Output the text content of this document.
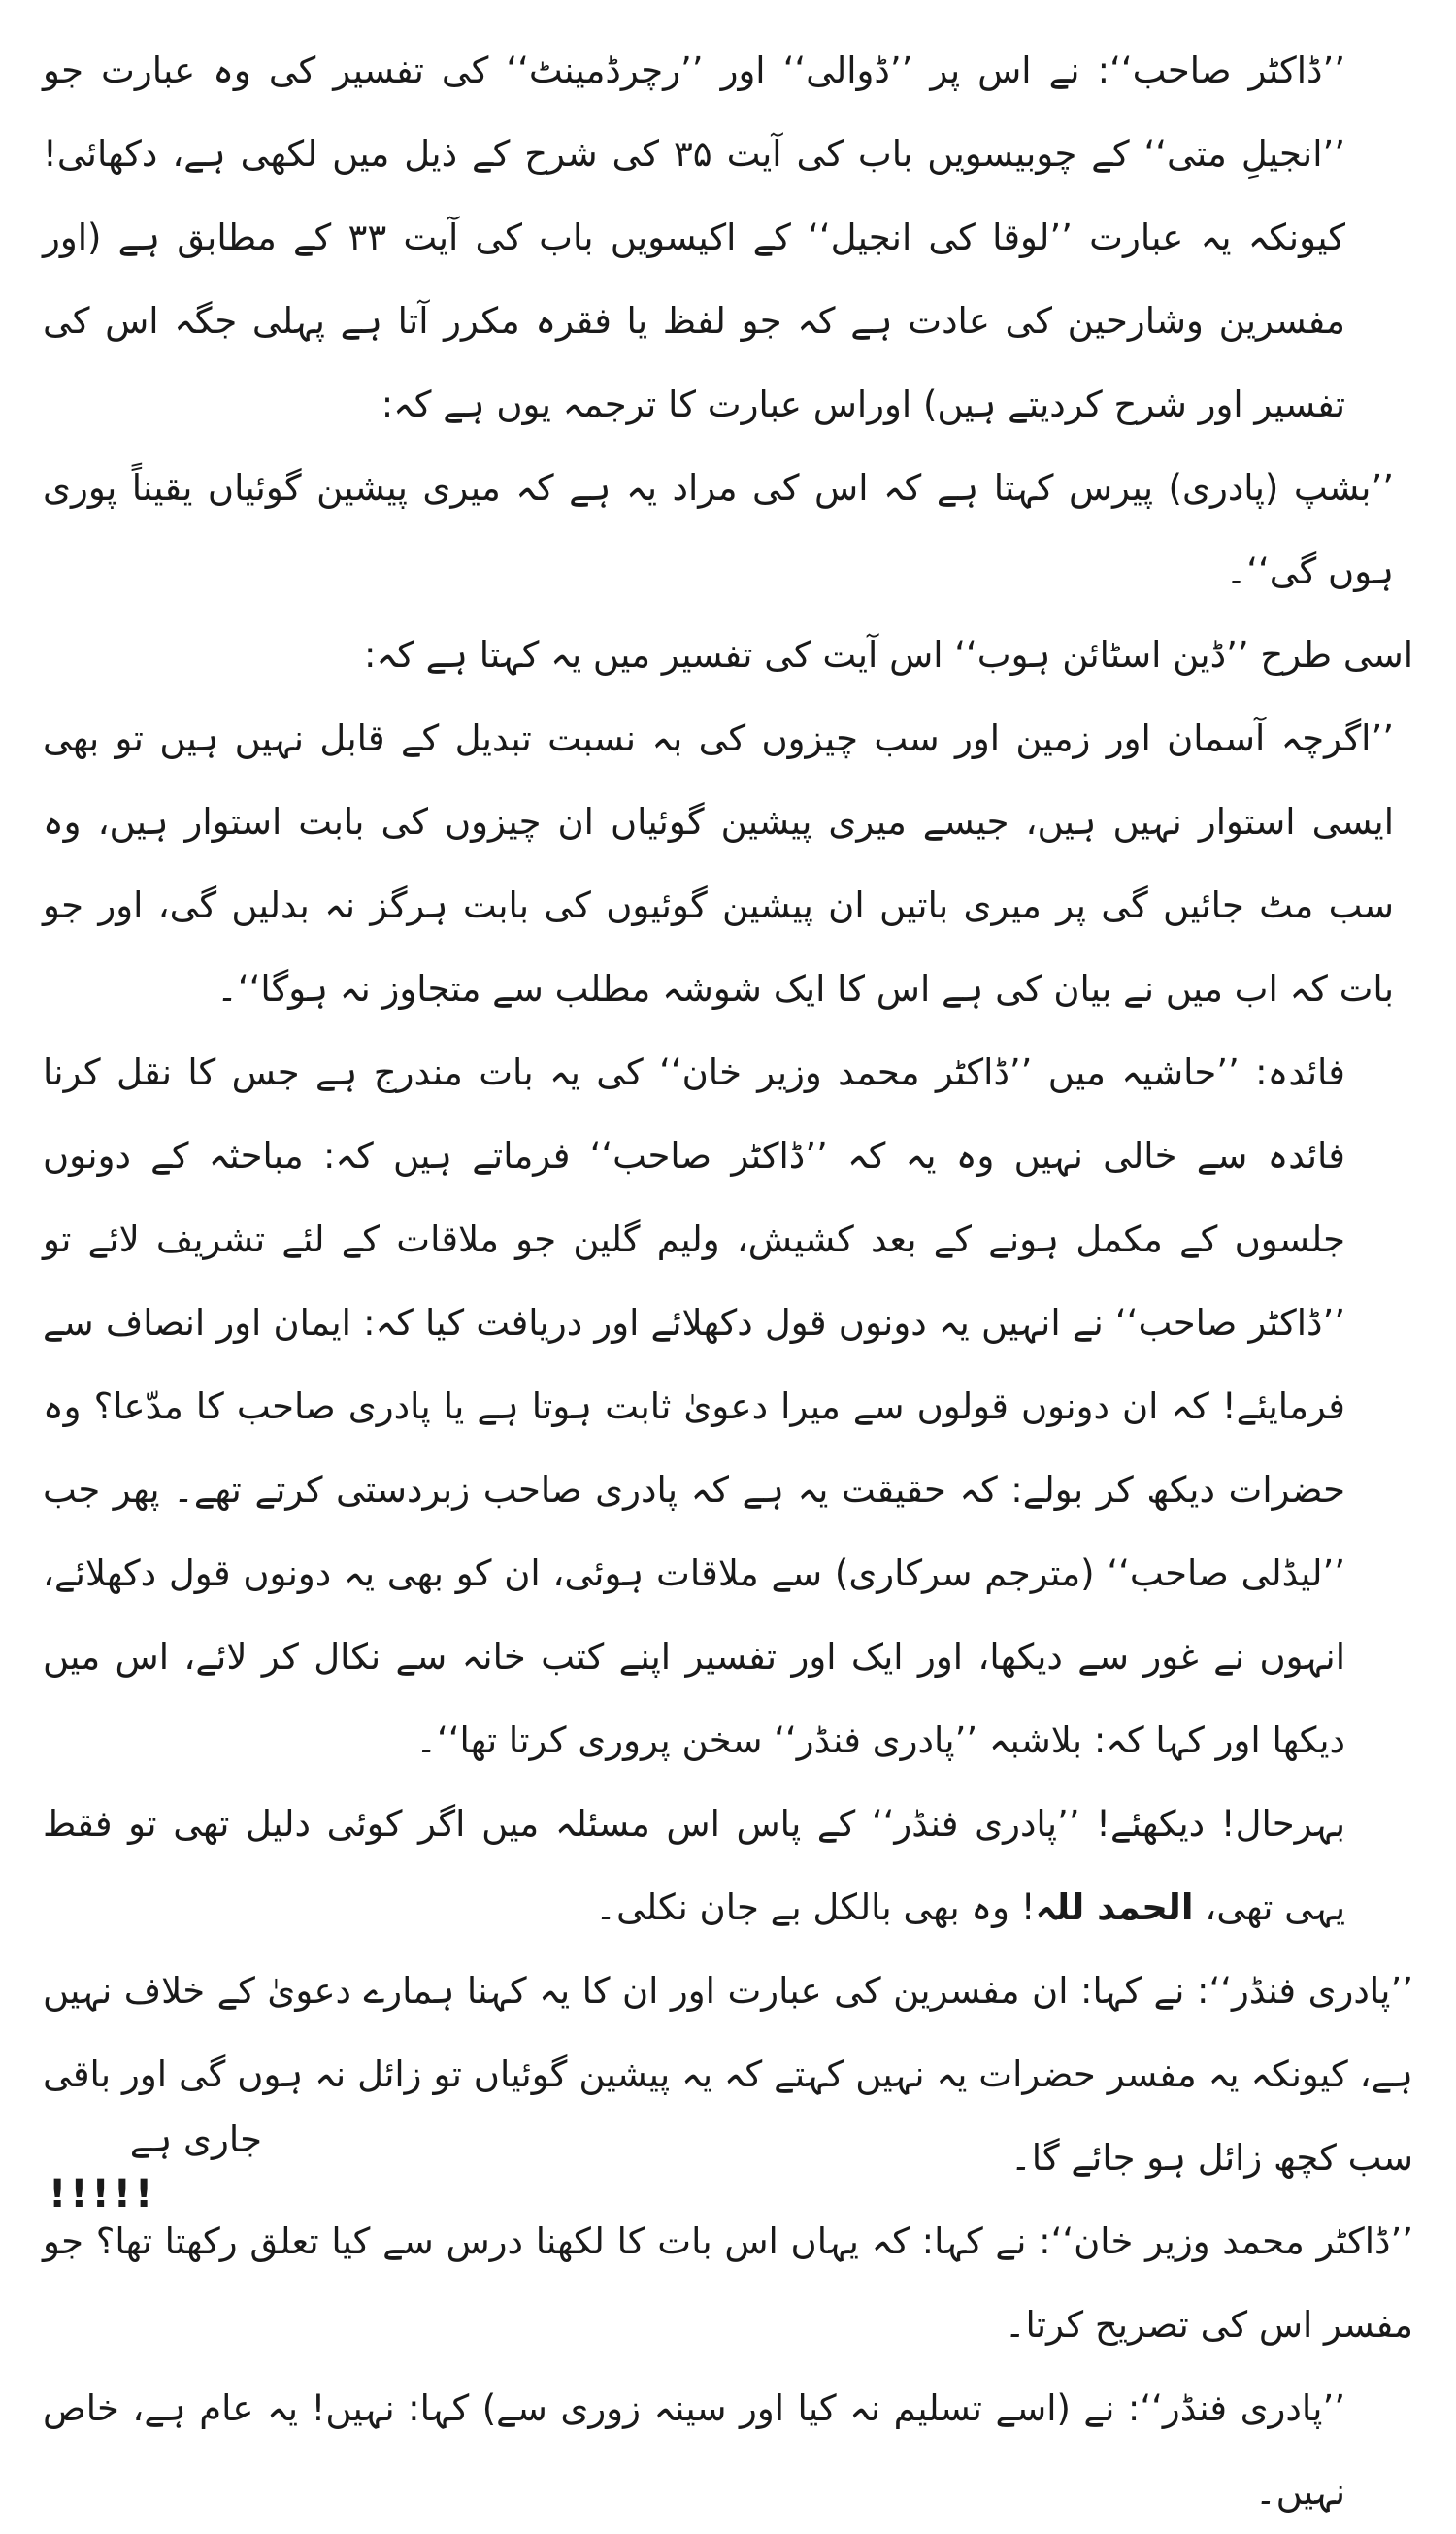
’’ڈاکٹر صاحب‘‘: نے اس پر ’’ڈوالی‘‘ اور ’’رچرڈمینٹ‘‘ کی تفسیر کی وہ عبارت جو ’’انجیلِ متی‘‘ کے چوبیسویں باب کی آیت ۳۵ کی شرح کے ذیل میں لکھی ہے، دکھائی! کیونکہ یہ عبارت ’’لوقا کی انجیل‘‘ کے اکیسویں باب کی آیت ۳۳ کے مطابق ہے (اور مفسرین وشارحین کی عادت ہے کہ جو لفظ یا فقرہ مکرر آتا ہے پہلی جگہ اس کی تفسیر اور شرح کردیتے ہیں) اوراس عبارت کا ترجمہ یوں ہے کہ:

’’بشپ (پادری) پیرس کہتا ہے کہ اس کی مراد یہ ہے کہ میری پیشین گوئیاں یقیناً پوری ہوں گی‘‘۔

اسی طرح ’’ڈین اسٹائن ہوب‘‘ اس آیت کی تفسیر میں یہ کہتا ہے کہ:

’’اگرچہ آسمان اور زمین اور سب چیزوں کی بہ نسبت تبدیل کے قابل نہیں ہیں تو بھی ایسی استوار نہیں ہیں، جیسے میری پیشین گوئیاں ان چیزوں کی بابت استوار ہیں، وہ سب مٹ جائیں گی پر میری باتیں ان پیشین گوئیوں کی بابت ہرگز نہ بدلیں گی، اور جو بات کہ اب میں نے بیان کی ہے اس کا ایک شوشہ مطلب سے متجاوز نہ ہوگا‘‘۔

فائدہ: ’’حاشیہ میں ’’ڈاکٹر محمد وزیر خان‘‘ کی یہ بات مندرج ہے جس کا نقل کرنا فائدہ سے خالی نہیں وہ یہ کہ ’’ڈاکٹر صاحب‘‘ فرماتے ہیں کہ: مباحثہ کے دونوں جلسوں کے مکمل ہونے کے بعد کشیش، ولیم گلین جو ملاقات کے لئے تشریف لائے تو ’’ڈاکٹر صاحب‘‘ نے انہیں یہ دونوں قول دکھلائے اور دریافت کیا کہ: ایمان اور انصاف سے فرمایئے! کہ ان دونوں قولوں سے میرا دعویٰ ثابت ہوتا ہے یا پادری صاحب کا مدّعا؟ وہ حضرات دیکھ کر بولے: کہ حقیقت یہ ہے کہ پادری صاحب زبردستی کرتے تھے۔ پھر جب ’’لیڈلی صاحب‘‘ (مترجم سرکاری) سے ملاقات ہوئی، ان کو بھی یہ دونوں قول دکھلائے، انہوں نے غور سے دیکھا، اور ایک اور تفسیر اپنے کتب خانہ سے نکال کر لائے، اس میں دیکھا اور کہا کہ: بلاشبہ ’’پادری فنڈر‘‘ سخن پروری کرتا تھا‘‘۔

بہرحال! دیکھئے! ’’پادری فنڈر‘‘ کے پاس اس مسئلہ میں اگر کوئی دلیل تھی تو فقط یہی تھی، الحمد للہ! وہ بھی بالکل بے جان نکلی۔

’’پادری فنڈر‘‘: نے کہا: ان مفسرین کی عبارت اور ان کا یہ کہنا ہمارے دعویٰ کے خلاف نہیں ہے، کیونکہ یہ مفسر حضرات یہ نہیں کہتے کہ یہ پیشین گوئیاں تو زائل نہ ہوں گی اور باقی سب کچھ زائل ہو جائے گا۔

’’ڈاکٹر محمد وزیر خان‘‘: نے کہا: کہ یہاں اس بات کا لکھنا درس سے کیا تعلق رکھتا تھا؟ جو مفسر اس کی تصریح کرتا۔

’’پادری فنڈر‘‘: نے (اسے تسلیم نہ کیا اور سینہ زوری سے) کہا: نہیں! یہ عام ہے، خاص نہیں۔

جاری ہے
!!!!!
